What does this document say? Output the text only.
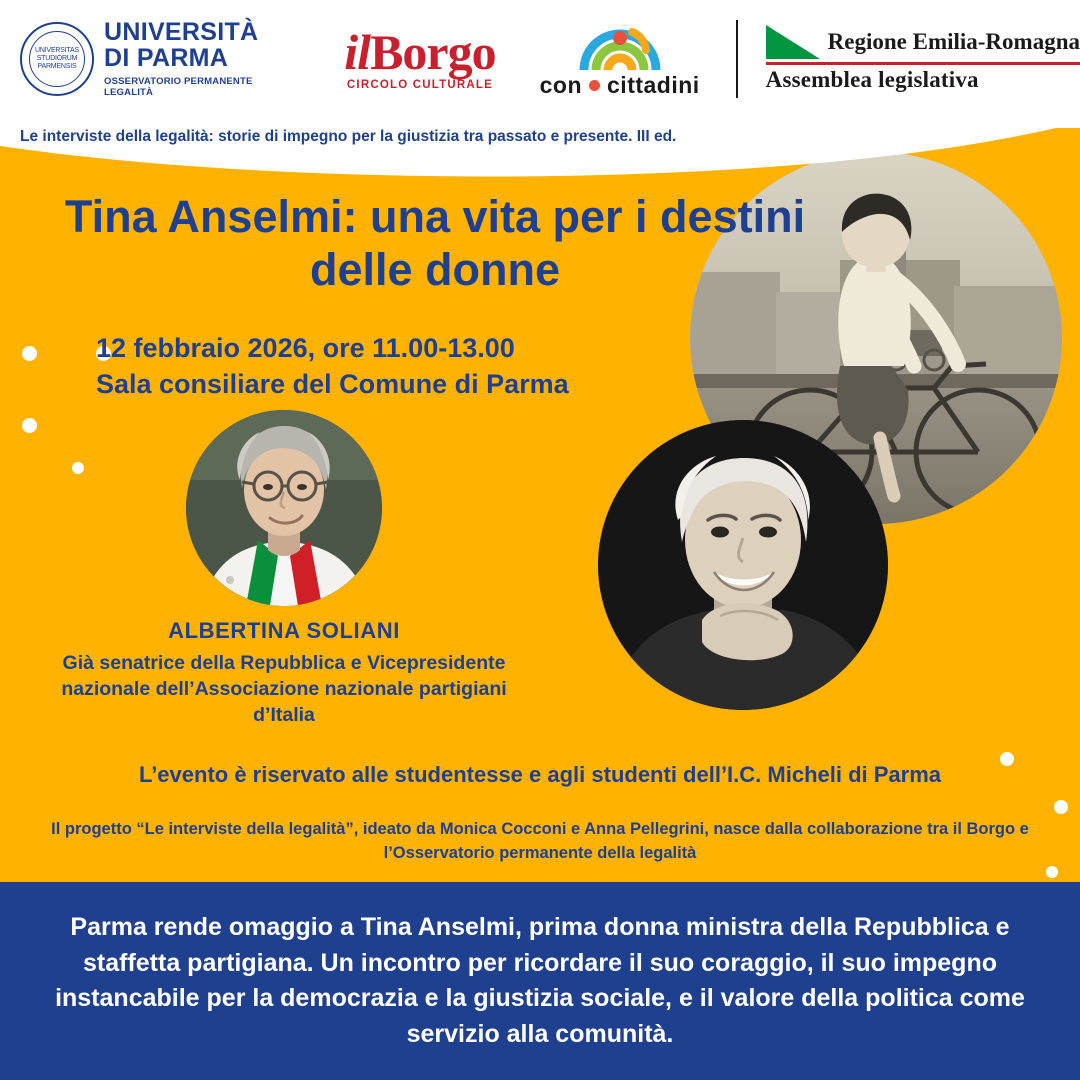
UNIVERSITAS STUDIORUM PARMENSIS
UNIVERSITÀ
DI PARMA
OSSERVATORIO PERMANENTE LEGALITÀ
ilBorgo
CIRCOLO CULTURALE con cittadini
Regione Emilia-Romagna
Assemblea legislativa
Le intervistе della legalità: storie di impegno per la giustizia tra passato e presente. III ed.
Tina Anselmi: una vita per i destini delle donne
12 febbraio 2026, ore 11.00-13.00
Sala consiliare del Comune di Parma
ALBERTINA SOLIANI
Già senatrice della Repubblica e Vicepresidente nazionale dell’Associazione nazionale partigiani d’Italia
L’evento è riservato alle studentesse e agli studenti dell’I.C. Micheli di Parma
Il progetto “Le interviste della legalità”, ideato da Monica Cocconi e Anna Pellegrini, nasce dalla collaborazione tra il Borgo e l’Osservatorio permanente della legalità
Parma rende omaggio a Tina Anselmi, prima donna ministra della Repubblica e staffetta partigiana. Un incontro per ricordare il suo coraggio, il suo impegno instancabile per la democrazia e la giustizia sociale, e il valore della politica come servizio alla comunità.
